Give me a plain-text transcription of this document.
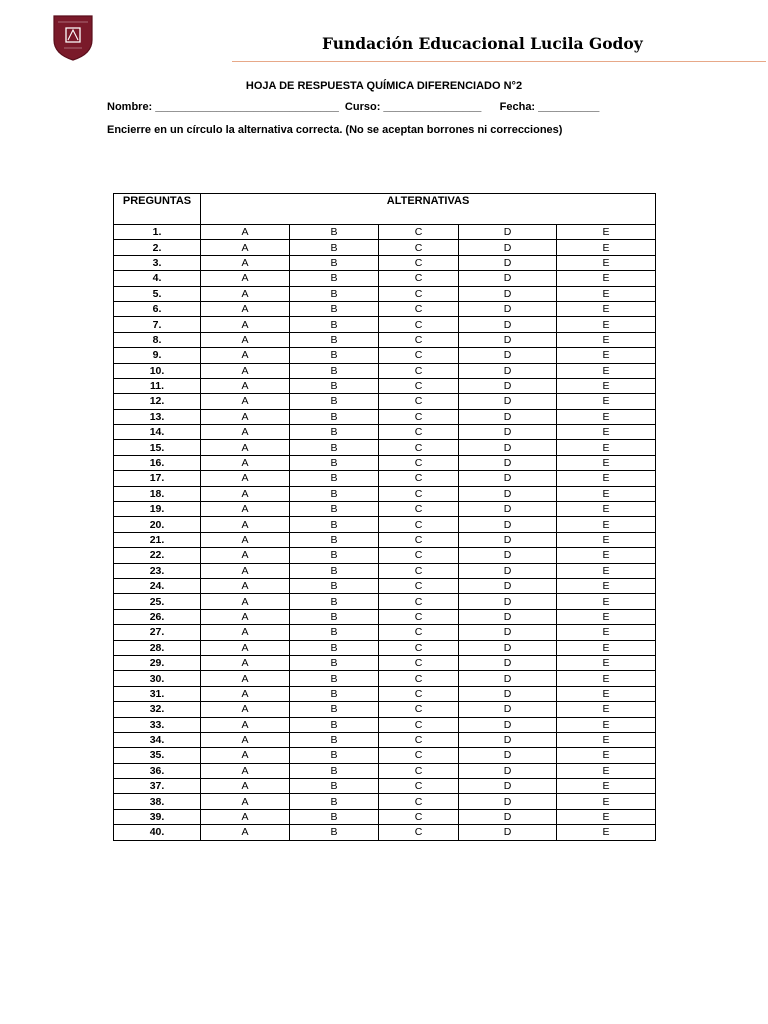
Fundación Educacional Lucila Godoy
HOJA DE RESPUESTA QUÍMICA DIFERENCIADO N°2
Nombre: ______________________________  Curso: ________________      Fecha: __________
Encierre en un círculo la alternativa correcta. (No se aceptan borrones ni correcciones)
PREGUNTAS	ALTERNATIVAS				
1.	A	B	C	D	E
2.	A	B	C	D	E
3.	A	B	C	D	E
4.	A	B	C	D	E
5.	A	B	C	D	E
6.	A	B	C	D	E
7.	A	B	C	D	E
8.	A	B	C	D	E
9.	A	B	C	D	E
10.	A	B	C	D	E
11.	A	B	C	D	E
12.	A	B	C	D	E
13.	A	B	C	D	E
14.	A	B	C	D	E
15.	A	B	C	D	E
16.	A	B	C	D	E
17.	A	B	C	D	E
18.	A	B	C	D	E
19.	A	B	C	D	E
20.	A	B	C	D	E
21.	A	B	C	D	E
22.	A	B	C	D	E
23.	A	B	C	D	E
24.	A	B	C	D	E
25.	A	B	C	D	E
26.	A	B	C	D	E
27.	A	B	C	D	E
28.	A	B	C	D	E
29.	A	B	C	D	E
30.	A	B	C	D	E
31.	A	B	C	D	E
32.	A	B	C	D	E
33.	A	B	C	D	E
34.	A	B	C	D	E
35.	A	B	C	D	E
36.	A	B	C	D	E
37.	A	B	C	D	E
38.	A	B	C	D	E
39.	A	B	C	D	E
40.	A	B	C	D	E
